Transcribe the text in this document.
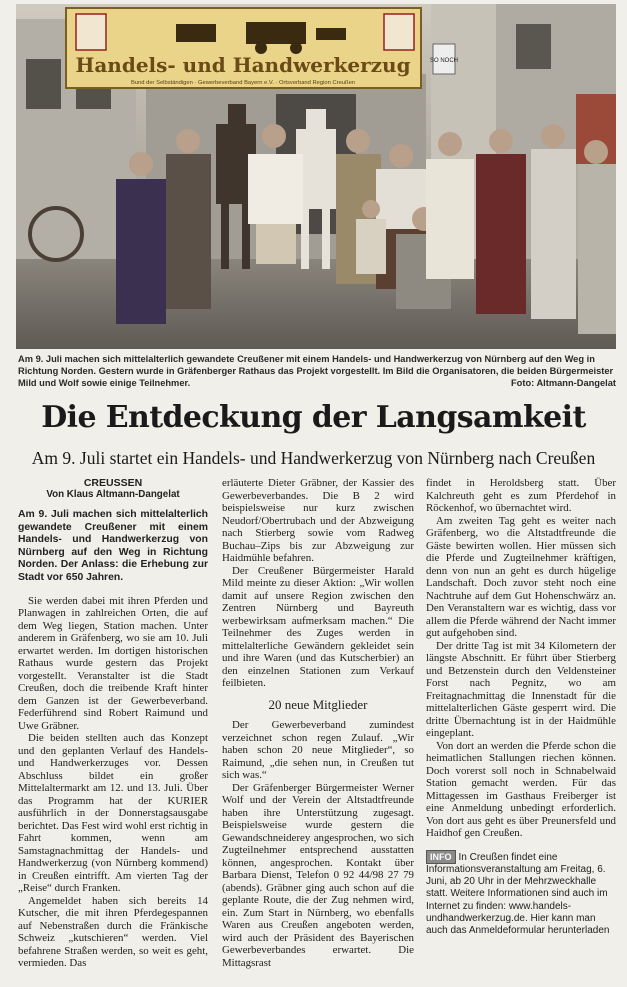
Handels- und Handwerkerzug
Bund der Selbständigen · Gewerbeverband Bayern e.V. · Ortsverband Region Creußen
SO NOCH
Am 9. Juli machen sich mittelalterlich gewandete Creußener mit einem Handels- und Handwerkerzug von Nürnberg auf den Weg in Richtung Norden. Gestern wurde in Gräfenberger Rathaus das Projekt vorgestellt. Im Bild die Organisatoren, die beiden Bürgermeister Mild und Wolf sowie einige Teilnehmer.	Foto: Altmann-Dangelat
Die Entdeckung der Langsamkeit
Am 9. Juli startet ein Handels- und Handwerkerzug von Nürnberg nach Creußen
CREUSSEN
Von Klaus Altmann-Dangelat
Am 9. Juli machen sich mittelalterlich gewandete Creußener mit einem Handels- und Handwerkerzug von Nürnberg auf den Weg in Richtung Norden. Der Anlass: die Erhebung zur Stadt vor 650 Jahren.

Sie werden dabei mit ihren Pferden und Planwagen in zahlreichen Orten, die auf dem Weg liegen, Station machen. Unter anderem in Gräfenberg, wo sie am 10. Juli erwartet werden. Im dortigen historischen Rathaus wurde gestern das Projekt vorgestellt. Veranstalter ist die Stadt Creußen, doch die treibende Kraft hinter dem Ganzen ist der Gewerbeverband. Federführend sind Robert Raimund und Uwe Gräbner.

Die beiden stellten auch das Konzept und den geplanten Verlauf des Handels- und Handwerkerzuges vor. Dessen Abschluss bildet ein großer Mittelaltermarkt am 12. und 13. Juli. Über das Programm hat der KURIER ausführlich in der Donnerstagsausgabe berichtet. Das Fest wird wohl erst richtig in Fahrt kommen, wenn am Samstagnachmittag der Handels- und Handwerkerzug (von Nürnberg kommend) in Creußen eintrifft. Am vierten Tag der „Reise“ durch Franken.

Angemeldet haben sich bereits 14 Kutscher, die mit ihren Pferdegespannen auf Nebenstraßen durch die Fränkische Schweiz „kutschieren“ werden. Viel befahrene Straßen werden, so weit es geht, vermieden. Das

erläuterte Dieter Gräbner, der Kassier des Gewerbeverbandes. Die B 2 wird beispielsweise nur kurz zwischen Neudorf/Obertrubach und der Abzweigung nach Stierberg sowie vom Radweg Buchau–Zips bis zur Abzweigung zur Haidmühle befahren.

Der Creußener Bürgermeister Harald Mild meinte zu dieser Aktion: „Wir wollen damit auf unsere Region zwischen den Zentren Nürnberg und Bayreuth werbewirksam aufmerksam machen.“ Die Teilnehmer des Zuges werden in mittelalterliche Gewändern gekleidet sein und ihre Waren (und das Kutscherbier) an den einzelnen Stationen zum Verkauf feilbieten.

20 neue Mitglieder

Der Gewerbeverband zumindest verzeichnet schon regen Zulauf. „Wir haben schon 20 neue Mitglieder“, so Raimund, „die sehen nun, in Creußen tut sich was.“

Der Gräfenberger Bürgermeister Werner Wolf und der Verein der Altstadtfreunde haben ihre Unterstützung zugesagt. Beispielsweise wurde gestern die Gewandschneiderey angesprochen, wo sich Zugteilnehmer entsprechend ausstatten können, angesprochen. Kontakt über Barbara Dienst, Telefon 0 92 44/98 27 79 (abends). Gräbner ging auch schon auf die geplante Route, die der Zug nehmen wird, ein. Zum Start in Nürnberg, wo ebenfalls Waren aus Creußen angeboten werden, wird auch der Präsident des Bayerischen Gewerbeverbandes erwartet. Die Mittagsrast

findet in Heroldsberg statt. Über Kalchreuth geht es zum Pferdehof in Röckenhof, wo übernachtet wird.

Am zweiten Tag geht es weiter nach Gräfenberg, wo die Altstadtfreunde die Gäste bewirten wollen. Hier müssen sich die Pferde und Zugteilnehmer kräftigen, denn von nun an geht es durch hügelige Landschaft. Doch zuvor steht noch eine Nachtruhe auf dem Gut Hohenschwärz an. Den Veranstaltern war es wichtig, dass vor allem die Pferde während der Nacht immer gut aufgehoben sind.

Der dritte Tag ist mit 34 Kilometern der längste Abschnitt. Er führt über Stierberg und Betzenstein durch den Veldensteiner Forst nach Pegnitz, wo am Freitagnachmittag die Innenstadt für die mittelalterlichen Gäste gesperrt wird. Die dritte Übernachtung ist in der Haidmühle eingeplant.

Von dort an werden die Pferde schon die heimatlichen Stallungen riechen können. Doch vorerst soll noch in Schnabelwaid Station gemacht werden. Für das Mittagessen im Gasthaus Freiberger ist eine Anmeldung unbedingt erforderlich. Von dort aus geht es über Preunersfeld und Haidhof gen Creußen.

INFO In Creußen findet eine Informationsveranstaltung am Freitag, 6. Juni, ab 20 Uhr in der Mehrzweckhalle statt. Weitere Informationen sind auch im Internet zu finden: www.handels-undhandwerkerzug.de. Hier kann man auch das Anmeldeformular herunterladen
